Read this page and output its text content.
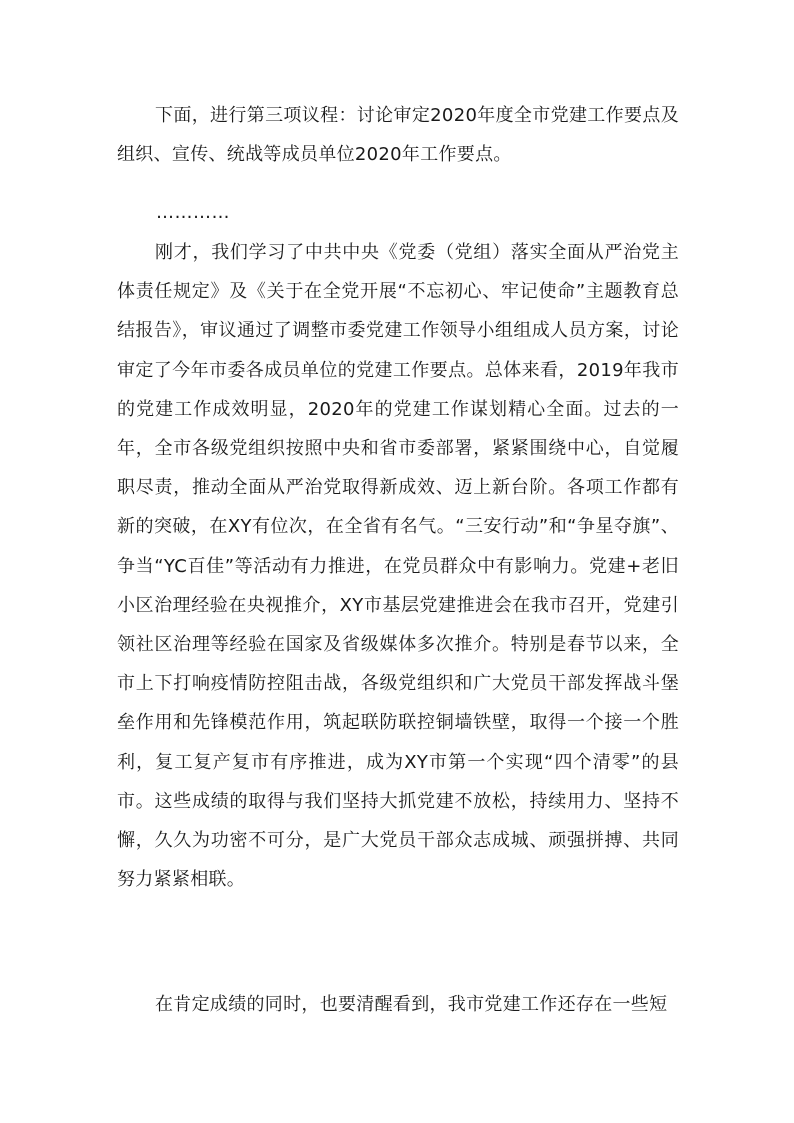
下面，进行第三项议程：讨论审定2020年度全市党建工作要点及组织、宣传、统战等成员单位2020年工作要点。

…………

刚才，我们学习了中共中央《党委（党组）落实全面从严治党主体责任规定》及《关于在全党开展“不忘初心、牢记使命”主题教育总结报告》，审议通过了调整市委党建工作领导小组组成人员方案，讨论审定了今年市委各成员单位的党建工作要点。总体来看，2019年我市的党建工作成效明显，2020年的党建工作谋划精心全面。过去的一年，全市各级党组织按照中央和省市委部署，紧紧围绕中心，自觉履职尽责，推动全面从严治党取得新成效、迈上新台阶。各项工作都有新的突破，在XY有位次，在全省有名气。“三安行动”和“争星夺旗”、争当“YC百佳”等活动有力推进，在党员群众中有影响力。党建+老旧小区治理经验在央视推介，XY市基层党建推进会在我市召开，党建引领社区治理等经验在国家及省级媒体多次推介。特别是春节以来，全市上下打响疫情防控阻击战，各级党组织和广大党员干部发挥战斗堡垒作用和先锋模范作用，筑起联防联控铜墙铁壁，取得一个接一个胜利，复工复产复市有序推进，成为XY市第一个实现“四个清零”的县市。这些成绩的取得与我们坚持大抓党建不放松，持续用力、坚持不懈，久久为功密不可分，是广大党员干部众志成城、顽强拼搏、共同努力紧紧相联。

在肯定成绩的同时，也要清醒看到，我市党建工作还存在一些短
